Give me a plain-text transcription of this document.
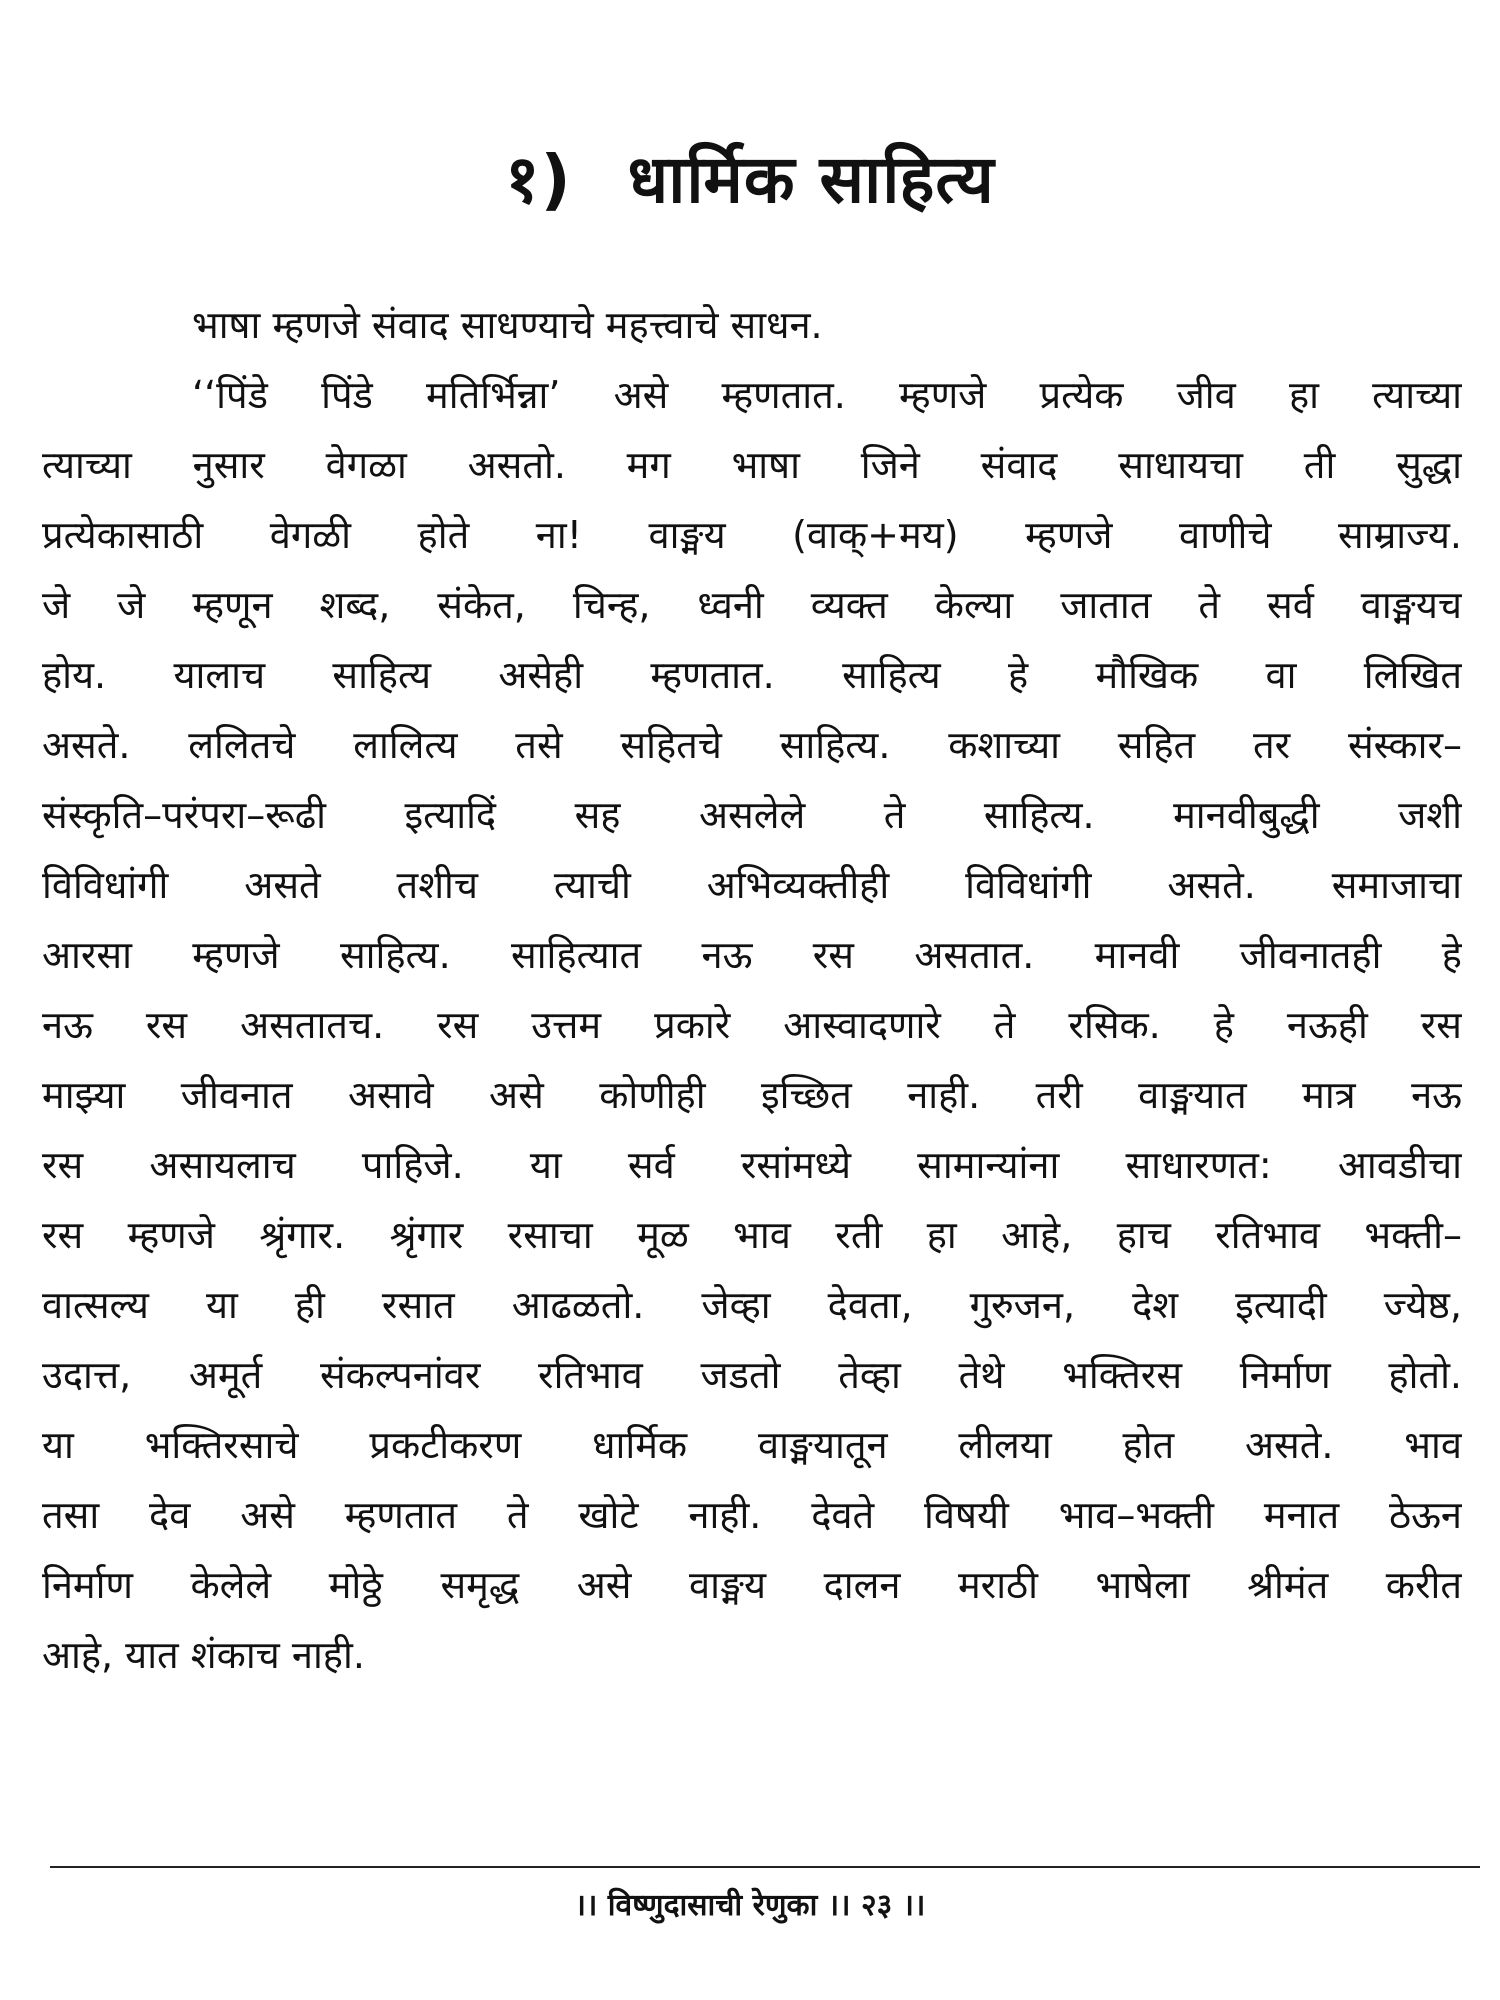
१) धार्मिक साहित्य
भाषा म्हणजे संवाद साधण्याचे महत्त्वाचे साधन.
‘‘पिंडे पिंडे मतिर्भिन्ना’ असे म्हणतात. म्हणजे प्रत्येक जीव हा त्याच्या
त्याच्या नुसार वेगळा असतो. मग भाषा जिने संवाद साधायचा ती सुद्धा
प्रत्येकासाठी वेगळी होते ना! वाङ्मय (वाक्+मय) म्हणजे वाणीचे साम्राज्य.
जे जे म्हणून शब्द, संकेत, चिन्ह, ध्वनी व्यक्त केल्या जातात ते सर्व वाङ्मयच
होय. यालाच साहित्य असेही म्हणतात. साहित्य हे मौखिक वा लिखित
असते. ललितचे लालित्य तसे सहितचे साहित्य. कशाच्या सहित तर संस्कार–
संस्कृति–परंपरा–रूढी इत्यादिं सह असलेले ते साहित्य. मानवीबुद्धी जशी
विविधांगी असते तशीच त्याची अभिव्यक्तीही विविधांगी असते. समाजाचा
आरसा म्हणजे साहित्य. साहित्यात नऊ रस असतात. मानवी जीवनातही हे
नऊ रस असतातच. रस उत्तम प्रकारे आस्वादणारे ते रसिक. हे नऊही रस
माझ्या जीवनात असावे असे कोणीही इच्छित नाही. तरी वाङ्मयात मात्र नऊ
रस असायलाच पाहिजे. या सर्व रसांमध्ये सामान्यांना साधारणत: आवडीचा
रस म्हणजे श्रृंगार. श्रृंगार रसाचा मूळ भाव रती हा आहे, हाच रतिभाव भक्ती–
वात्सल्य या ही रसात आढळतो. जेव्हा देवता, गुरुजन, देश इत्यादी ज्येष्ठ,
उदात्त, अमूर्त संकल्पनांवर रतिभाव जडतो तेव्हा तेथे भक्तिरस निर्माण होतो.
या भक्तिरसाचे प्रकटीकरण धार्मिक वाङ्मयातून लीलया होत असते. भाव
तसा देव असे म्हणतात ते खोटे नाही. देवते विषयी भाव–भक्ती मनात ठेऊन
निर्माण केलेले मोठ्ठे समृद्ध असे वाङ्मय दालन मराठी भाषेला श्रीमंत करीत
आहे, यात शंकाच नाही.
।। विष्णुदासाची रेणुका ।। २३ ।।
